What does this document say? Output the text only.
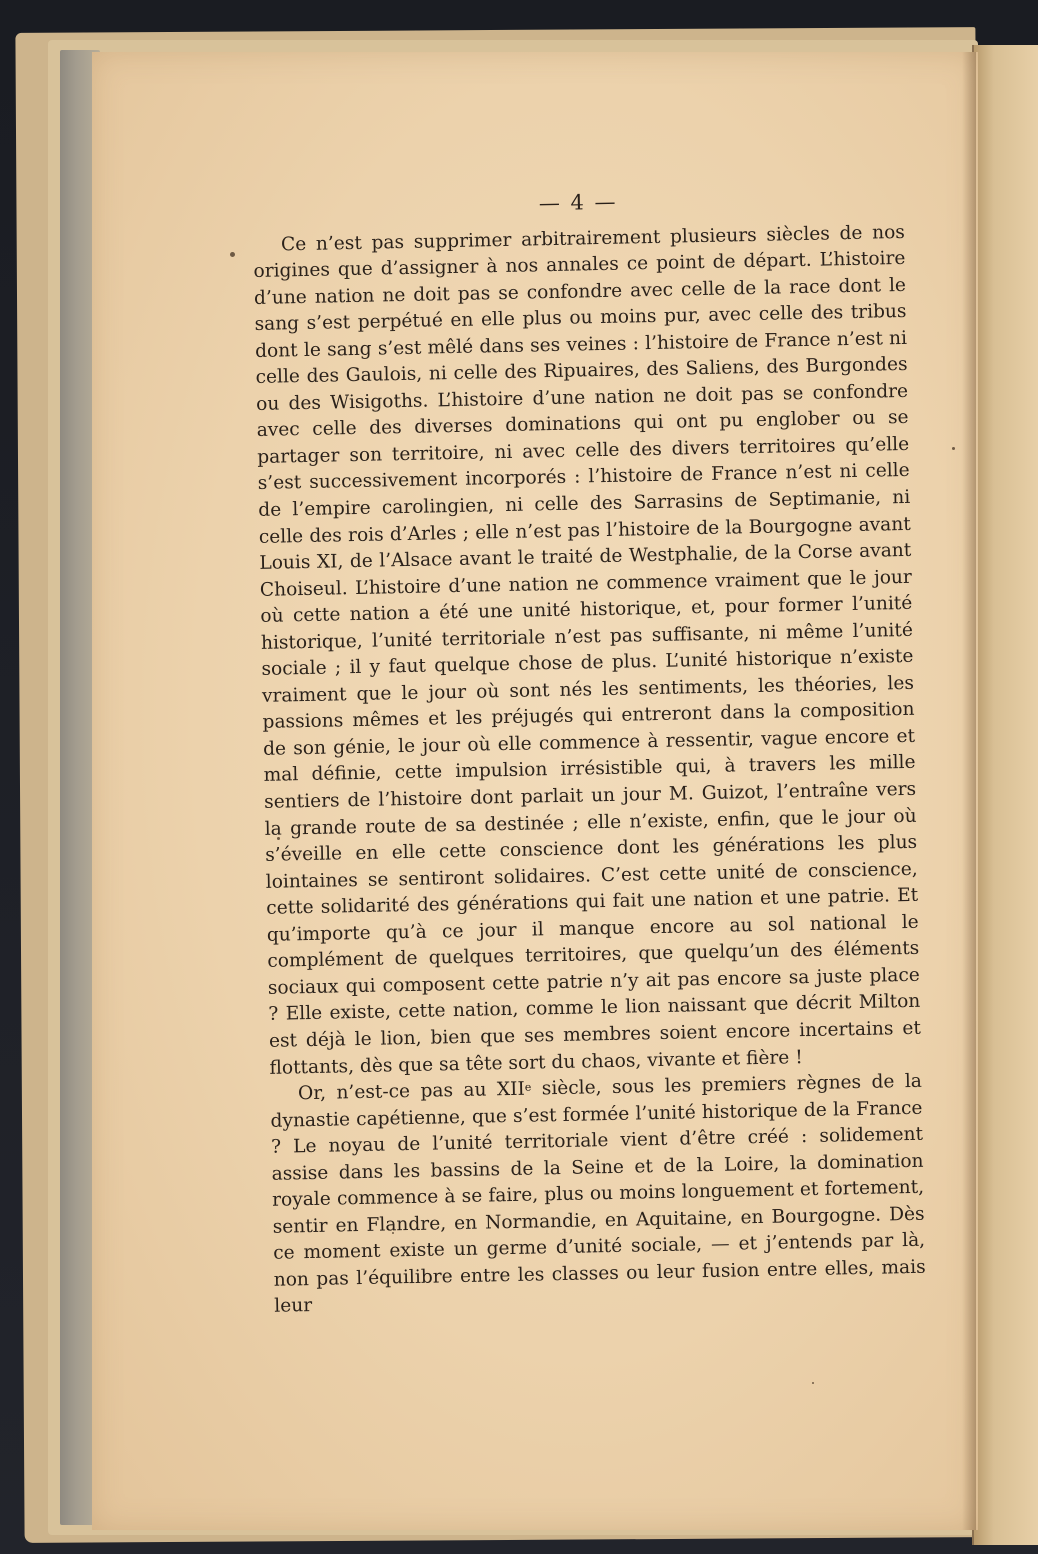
— 4 —

Ce n’est pas supprimer arbitrairement plusieurs siècles de nos origines que d’assigner à nos annales ce point de départ. L’histoire d’une nation ne doit pas se confondre avec celle de la race dont le sang s’est perpétué en elle plus ou moins pur, avec celle des tribus dont le sang s’est mêlé dans ses veines : l’histoire de France n’est ni celle des Gaulois, ni celle des Ripuaires, des Saliens, des Burgondes ou des Wisigoths. L’histoire d’une nation ne doit pas se confondre avec celle des diverses dominations qui ont pu englober ou se partager son territoire, ni avec celle des divers territoires qu’elle s’est successivement incorporés : l’histoire de France n’est ni celle de l’empire carolingien, ni celle des Sarrasins de Septimanie, ni celle des rois d’Arles ; elle n’est pas l’histoire de la Bourgogne avant Louis XI, de l’Alsace avant le traité de Westphalie, de la Corse avant Choiseul. L’histoire d’une nation ne commence vraiment que le jour où cette nation a été une unité historique, et, pour former l’unité historique, l’unité territoriale n’est pas suffisante, ni même l’unité sociale ; il y faut quelque chose de plus. L’unité historique n’existe vraiment que le jour où sont nés les sentiments, les théories, les passions mêmes et les préjugés qui entreront dans la composition de son génie, le jour où elle commence à ressentir, vague encore et mal définie, cette impulsion irrésistible qui, à travers les mille sentiers de l’histoire dont parlait un jour M. Guizot, l’entraîne vers la grande route de sa destinée ; elle n’existe, enfin, que le jour où s’éveille en elle cette conscience dont les générations les plus lointaines se sentiront solidaires. C’est cette unité de conscience, cette solidarité des générations qui fait une nation et une patrie. Et qu’importe qu’à ce jour il manque encore au sol national le complément de quelques territoires, que quelqu’un des éléments sociaux qui composent cette patrie n’y ait pas encore sa juste place ? Elle existe, cette nation, comme le lion naissant que décrit Milton est déjà le lion, bien que ses membres soient encore incertains et flottants, dès que sa tête sort du chaos, vivante et fière !

Or, n’est-ce pas au XIIe siècle, sous les premiers règnes de la dynastie capétienne, que s’est formée l’unité historique de la France ? Le noyau de l’unité territoriale vient d’être créé : solidement assise dans les bassins de la Seine et de la Loire, la domination royale commence à se faire, plus ou moins longuement et fortement, sentir en Flandre, en Normandie, en Aquitaine, en Bourgogne. Dès ce moment existe un germe d’unité sociale, — et j’entends par là, non pas l’équilibre entre les classes ou leur fusion entre elles, mais leur
